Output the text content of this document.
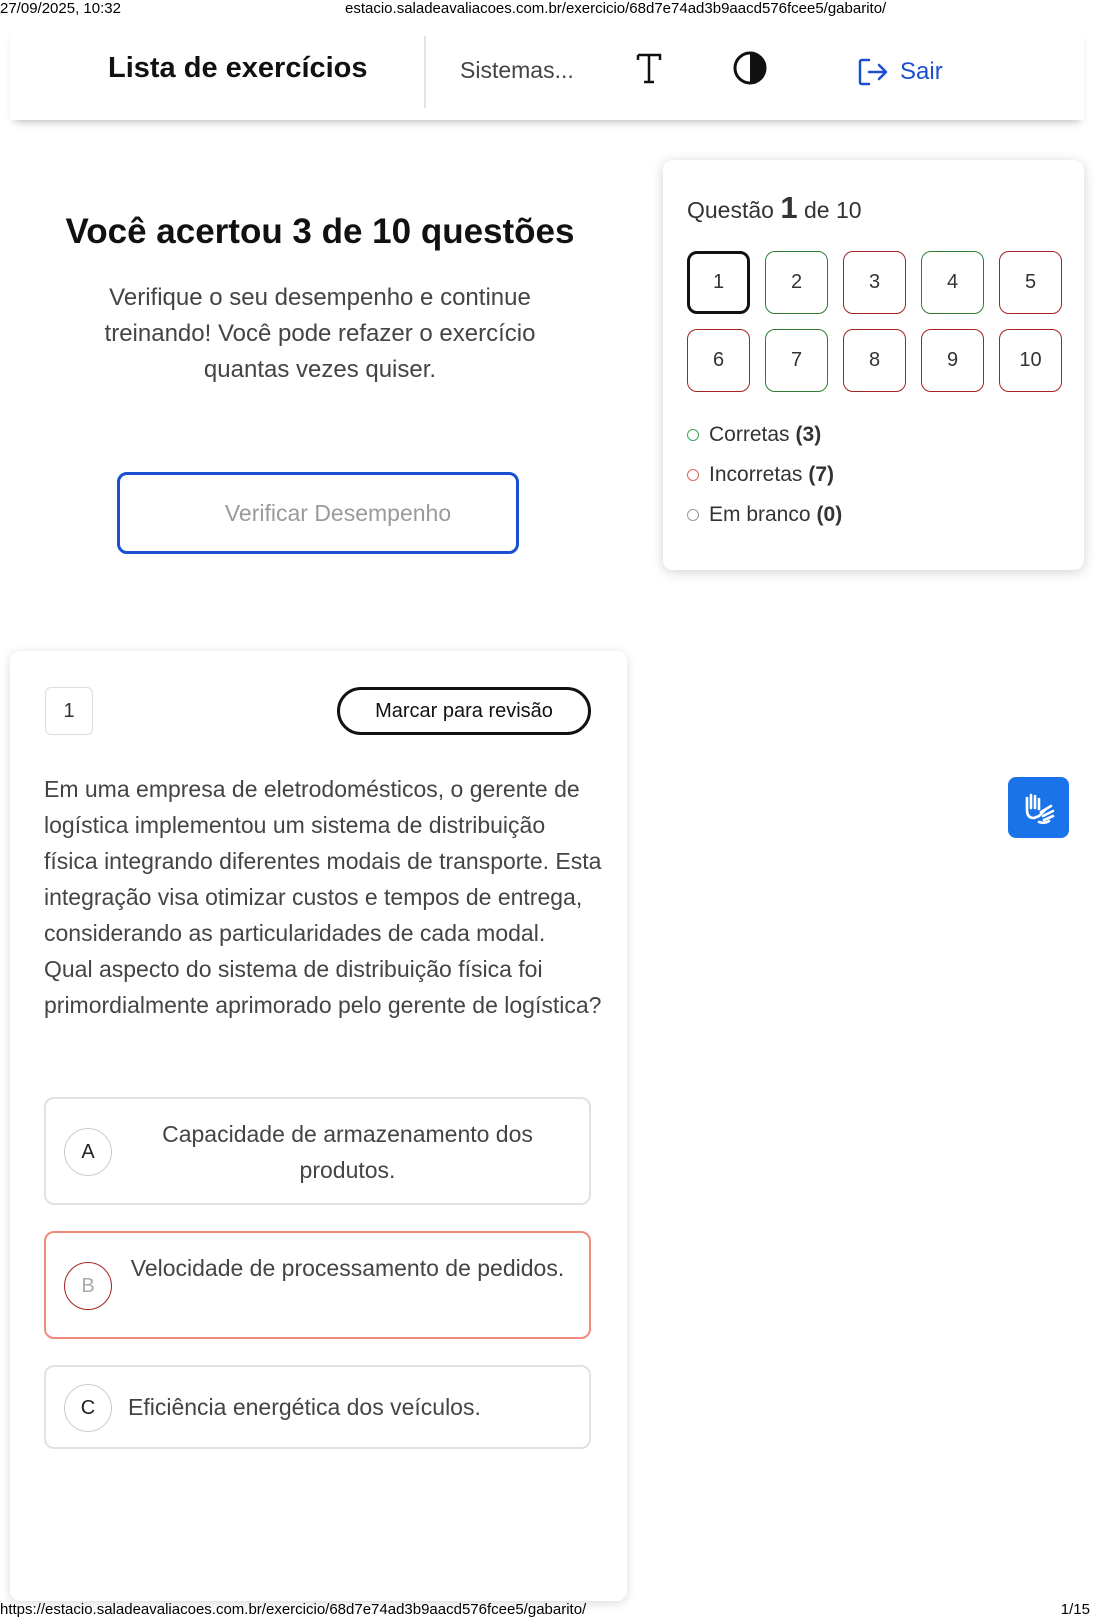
27/09/2025, 10:32	estacio.saladeavaliacoes.com.br/exercicio/68d7e74ad3b9aacd576fcee5/gabarito/
Lista de exercícios	Sistemas...	Sair
Você acertou 3 de 10 questões

Verifique o seu desempenho e continue treinando! Você pode refazer o exercício quantas vezes quiser.

Verificar Desempenho
Questão 1 de 10
1	2	3	4	5
6	7	8	9	10
Corretas (3)
Incorretas (7)
Em branco (0)
1	Marcar para revisão

Em uma empresa de eletrodomésticos, o gerente de logística implementou um sistema de distribuição física integrando diferentes modais de transporte. Esta integração visa otimizar custos e tempos de entrega, considerando as particularidades de cada modal.

Qual aspecto do sistema de distribuição física foi primordialmente aprimorado pelo gerente de logística?

A
Capacidade de armazenamento dos produtos.
B
Velocidade de processamento de pedidos.
C	Eficiência energética dos veículos.
https://estacio.saladeavaliacoes.com.br/exercicio/68d7e74ad3b9aacd576fcee5/gabarito/	1/15
